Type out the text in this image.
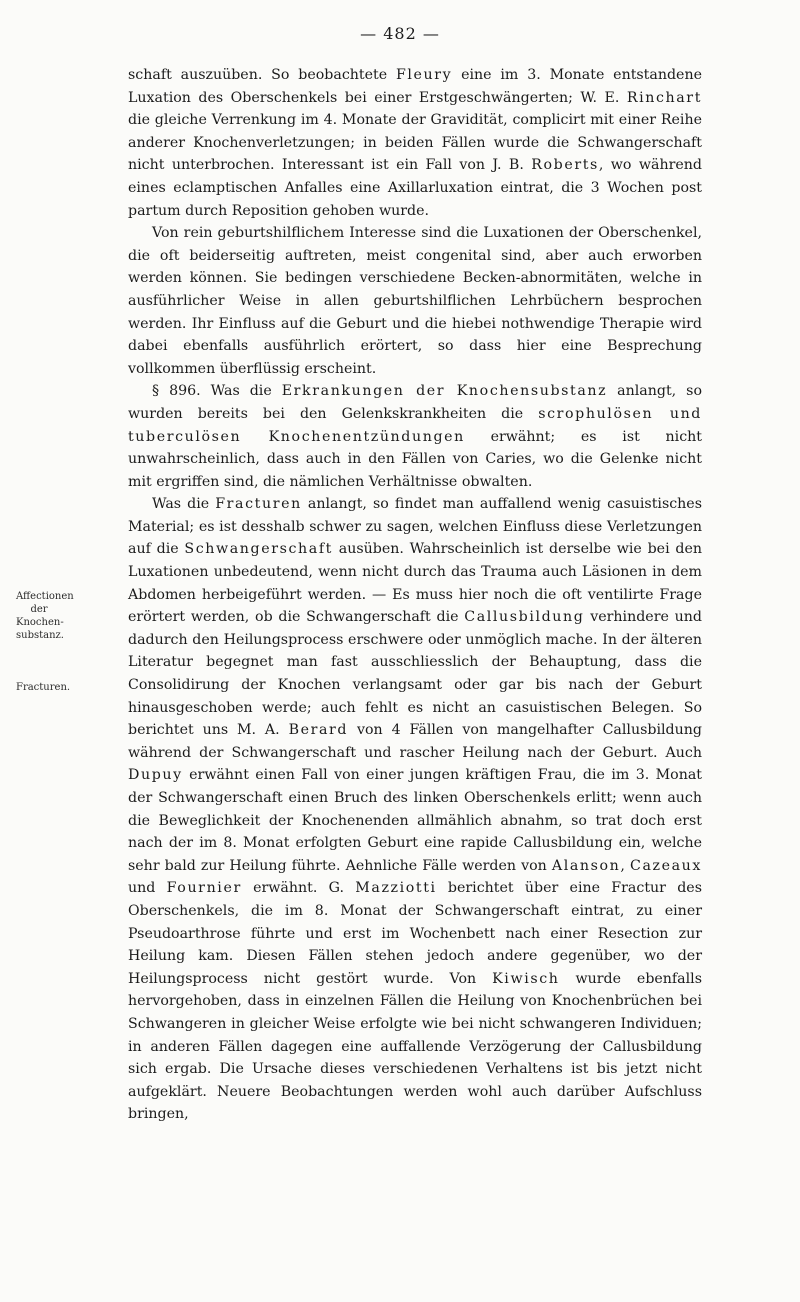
— 482 —
Affectionen
der
Knochen-
substanz.
Fracturen.

schaft auszuüben. So beobachtete Fleury eine im 3. Monate entstandene Luxation des Oberschenkels bei einer Erstgeschwängerten; W. E. Rinchart die gleiche Verrenkung im 4. Monate der Gravidität, complicirt mit einer Reihe anderer Knochenverletzungen; in beiden Fällen wurde die Schwangerschaft nicht unterbrochen. Interessant ist ein Fall von J. B. Roberts, wo während eines eclamptischen Anfalles eine Axillarluxation eintrat, die 3 Wochen post partum durch Reposition gehoben wurde.

Von rein geburtshilflichem Interesse sind die Luxationen der Oberschenkel, die oft beiderseitig auftreten, meist congenital sind, aber auch erworben werden können. Sie bedingen verschiedene Becken-abnormitäten, welche in ausführlicher Weise in allen geburtshilflichen Lehrbüchern besprochen werden. Ihr Einfluss auf die Geburt und die hiebei nothwendige Therapie wird dabei ebenfalls ausführlich erörtert, so dass hier eine Besprechung vollkommen überflüssig erscheint.

§ 896. Was die Erkrankungen der Knochensubstanz anlangt, so wurden bereits bei den Gelenkskrankheiten die scrophulösen und tuberculösen Knochenentzündungen erwähnt; es ist nicht unwahrscheinlich, dass auch in den Fällen von Caries, wo die Gelenke nicht mit ergriffen sind, die nämlichen Verhältnisse obwalten.

Was die Fracturen anlangt, so findet man auffallend wenig casuistisches Material; es ist desshalb schwer zu sagen, welchen Einfluss diese Verletzungen auf die Schwangerschaft ausüben. Wahrscheinlich ist derselbe wie bei den Luxationen unbedeutend, wenn nicht durch das Trauma auch Läsionen in dem Abdomen herbeigeführt werden. — Es muss hier noch die oft ventilirte Frage erörtert werden, ob die Schwangerschaft die Callusbildung verhindere und dadurch den Heilungsprocess erschwere oder unmöglich mache. In der älteren Literatur begegnet man fast ausschliesslich der Behauptung, dass die Consolidirung der Knochen verlangsamt oder gar bis nach der Geburt hinausgeschoben werde; auch fehlt es nicht an casuistischen Belegen. So berichtet uns M. A. Berard von 4 Fällen von mangelhafter Callusbildung während der Schwangerschaft und rascher Heilung nach der Geburt. Auch Dupuy erwähnt einen Fall von einer jungen kräftigen Frau, die im 3. Monat der Schwangerschaft einen Bruch des linken Oberschenkels erlitt; wenn auch die Beweglichkeit der Knochenenden allmählich abnahm, so trat doch erst nach der im 8. Monat erfolgten Geburt eine rapide Callusbildung ein, welche sehr bald zur Heilung führte. Aehnliche Fälle werden von Alanson, Cazeaux und Fournier erwähnt. G. Mazziotti berichtet über eine Fractur des Oberschenkels, die im 8. Monat der Schwangerschaft eintrat, zu einer Pseudoarthrose führte und erst im Wochenbett nach einer Resection zur Heilung kam. Diesen Fällen stehen jedoch andere gegenüber, wo der Heilungsprocess nicht gestört wurde. Von Kiwisch wurde ebenfalls hervorgehoben, dass in einzelnen Fällen die Heilung von Knochenbrüchen bei Schwangeren in gleicher Weise erfolgte wie bei nicht schwangeren Individuen; in anderen Fällen dagegen eine auffallende Verzögerung der Callusbildung sich ergab. Die Ursache dieses verschiedenen Verhaltens ist bis jetzt nicht aufgeklärt. Neuere Beobachtungen werden wohl auch darüber Aufschluss bringen,
